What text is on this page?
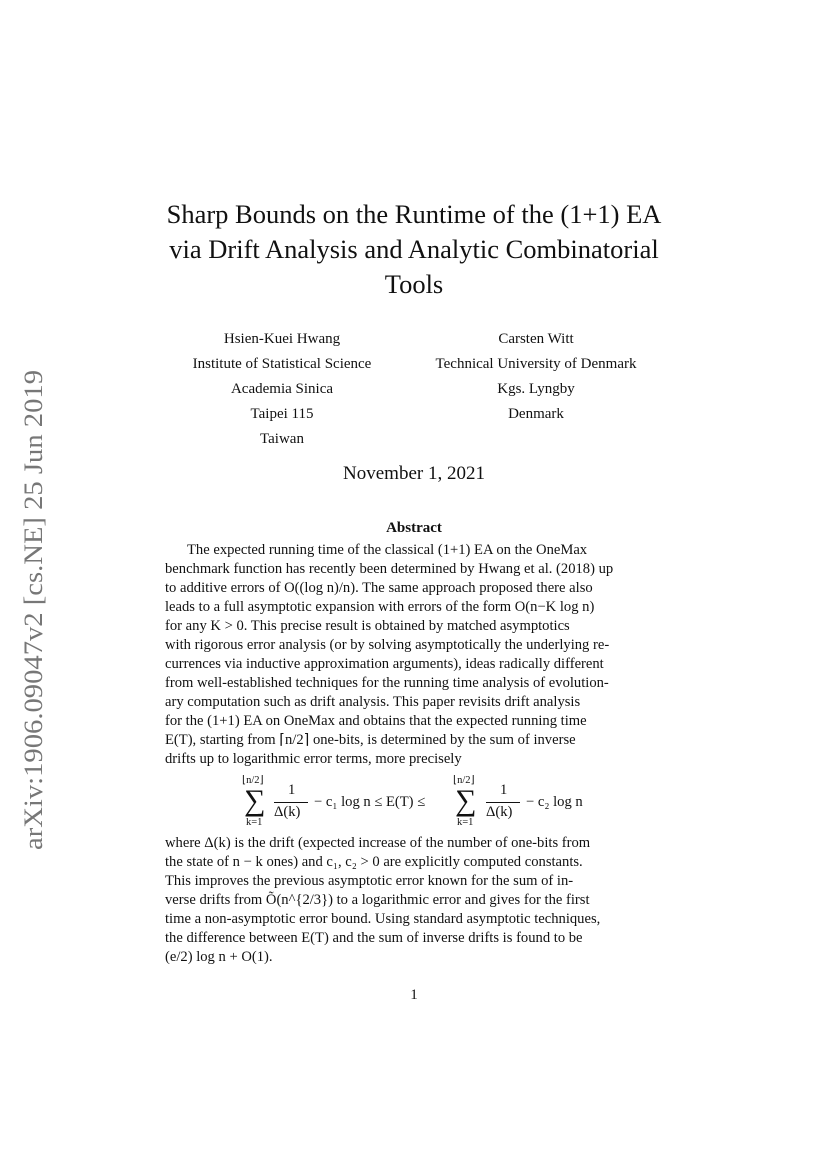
arXiv:1906.09047v2 [cs.NE] 25 Jun 2019
Sharp Bounds on the Runtime of the (1+1) EA
via Drift Analysis and Analytic Combinatorial
Tools
Hsien-Kuei Hwang
Institute of Statistical Science
Academia Sinica
Taipei 115
Taiwan
Carsten Witt
Technical University of Denmark
Kgs. Lyngby
Denmark
November 1, 2021
Abstract
The expected running time of the classical (1+1) EA on the OneMax
benchmark function has recently been determined by Hwang et al. (2018) up
to additive errors of O((log n)/n). The same approach proposed there also
leads to a full asymptotic expansion with errors of the form O(n−K log n)
for any K > 0. This precise result is obtained by matched asymptotics
with rigorous error analysis (or by solving asymptotically the underlying re-
currences via inductive approximation arguments), ideas radically different
from well-established techniques for the running time analysis of evolution-
ary computation such as drift analysis. This paper revisits drift analysis
for the (1+1) EA on OneMax and obtains that the expected running time
E(T), starting from ⌈n/2⌉ one-bits, is determined by the sum of inverse
drifts up to logarithmic error terms, more precisely
⌊n/2⌋
∑
k=1
1
Δ(k)
− c₁ log n ≤ E(T) ≤
⌊n/2⌋
∑
k=1
1
Δ(k)
− c₂ log n
where Δ(k) is the drift (expected increase of the number of one-bits from
the state of n − k ones) and c₁, c₂ > 0 are explicitly computed constants.
This improves the previous asymptotic error known for the sum of in-
verse drifts from Õ(n^{2/3}) to a logarithmic error and gives for the first
time a non-asymptotic error bound. Using standard asymptotic techniques,
the difference between E(T) and the sum of inverse drifts is found to be
(e/2) log n + O(1).
1
